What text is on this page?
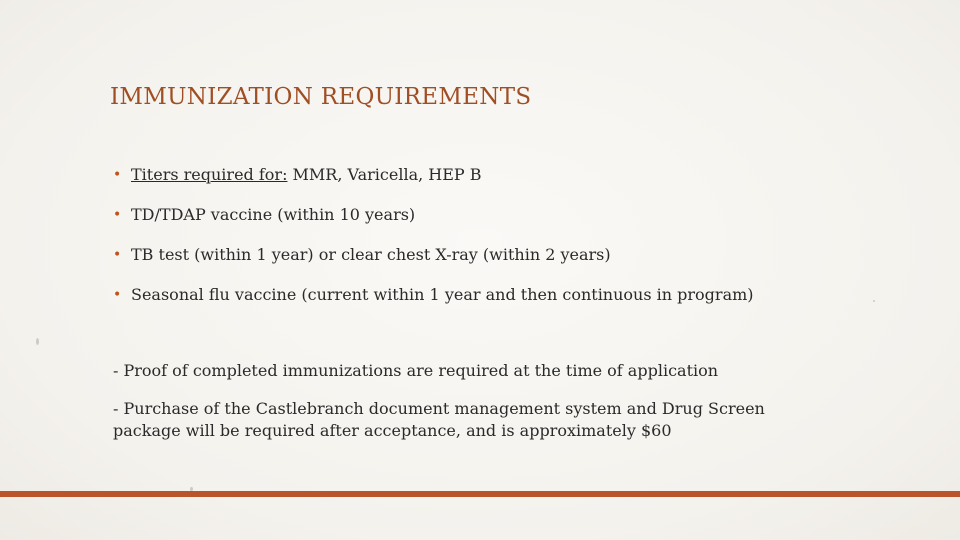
IMMUNIZATION REQUIREMENTS
• Titers required for: MMR, Varicella, HEP B
• TD/TDAP vaccine (within 10 years)
• TB test (within 1 year) or clear chest X-ray (within 2 years)
• Seasonal flu vaccine (current within 1 year and then continuous in program)

- Proof of completed immunizations are required at the time of application

- Purchase of the Castlebranch document management system and Drug Screen package will be required after acceptance, and is approximately $60
